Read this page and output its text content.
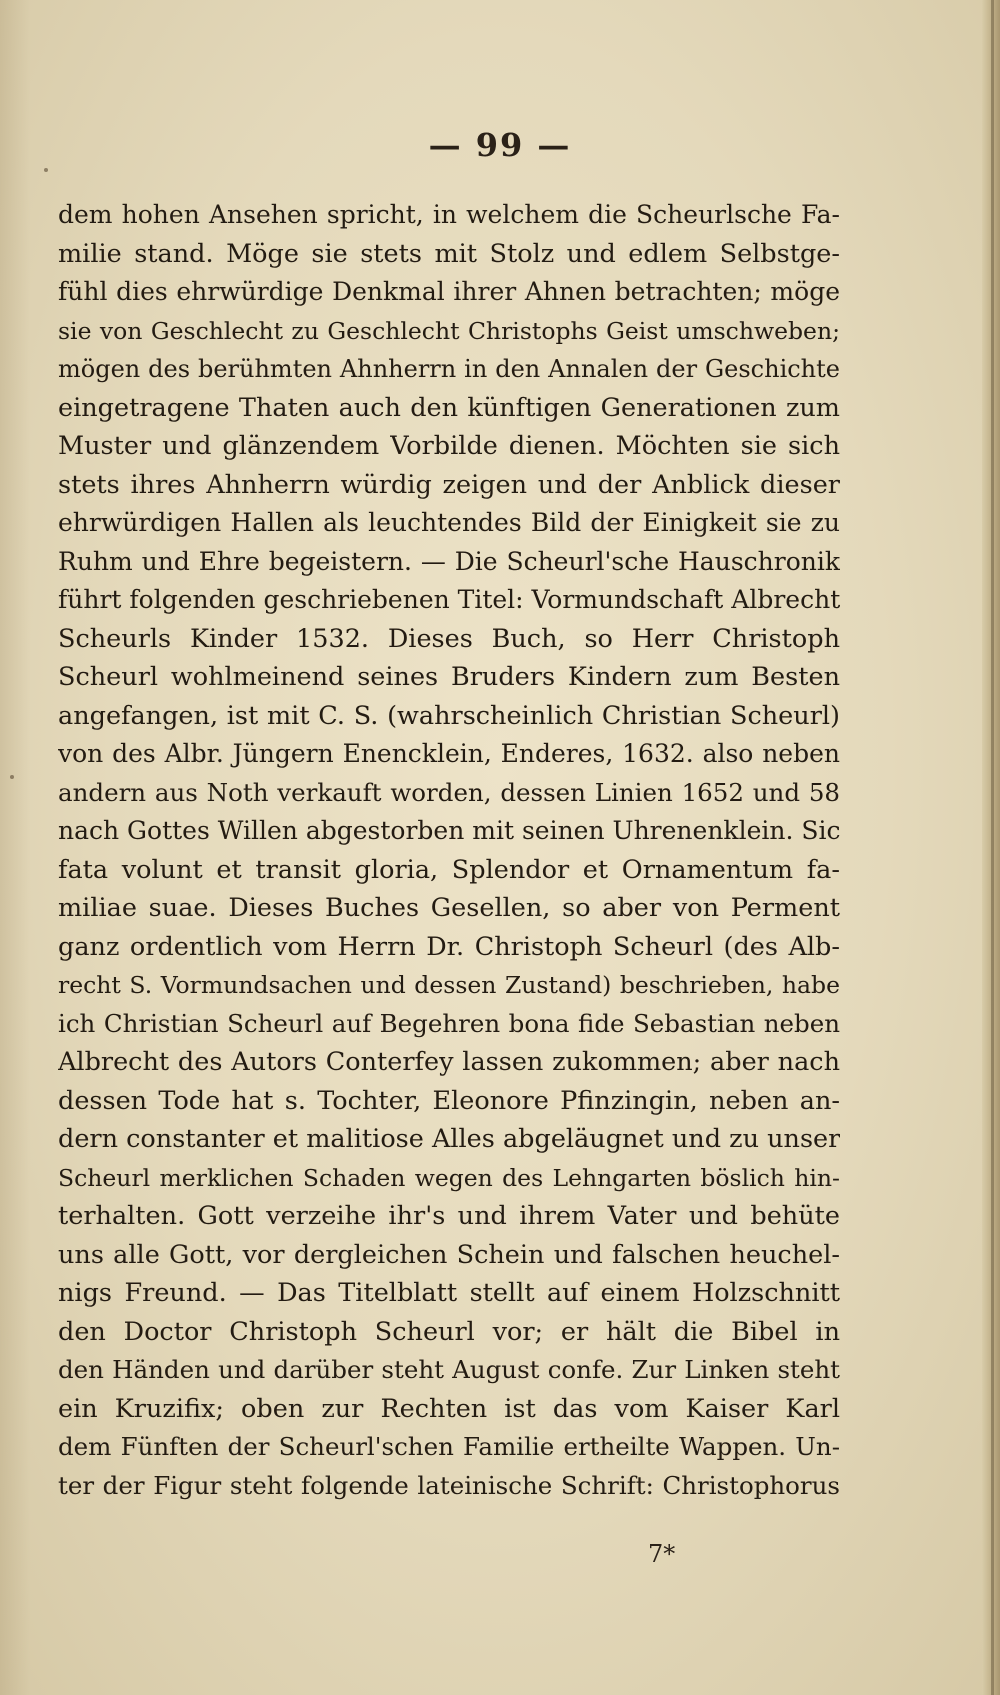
— 99 —
dem hohen Ansehen spricht, in welchem die Scheurlsche Fa-
milie stand. Möge sie stets mit Stolz und edlem Selbstge-
fühl dies ehrwürdige Denkmal ihrer Ahnen betrachten; möge
sie von Geschlecht zu Geschlecht Christophs Geist umschweben;
mögen des berühmten Ahnherrn in den Annalen der Geschichte
eingetragene Thaten auch den künftigen Generationen zum
Muster und glänzendem Vorbilde dienen. Möchten sie sich
stets ihres Ahnherrn würdig zeigen und der Anblick dieser
ehrwürdigen Hallen als leuchtendes Bild der Einigkeit sie zu
Ruhm und Ehre begeistern. — Die Scheurl'sche Hauschronik
führt folgenden geschriebenen Titel: Vormundschaft Albrecht
Scheurls Kinder 1532. Dieses Buch, so Herr Christoph
Scheurl wohlmeinend seines Bruders Kindern zum Besten
angefangen, ist mit C. S. (wahrscheinlich Christian Scheurl)
von des Albr. Jüngern Enencklein, Enderes, 1632. also neben
andern aus Noth verkauft worden, dessen Linien 1652 und 58
nach Gottes Willen abgestorben mit seinen Uhrenenklein. Sic
fata volunt et transit gloria, Splendor et Ornamentum fa-
miliae suae. Dieses Buches Gesellen, so aber von Perment
ganz ordentlich vom Herrn Dr. Christoph Scheurl (des Alb-
recht S. Vormundsachen und dessen Zustand) beschrieben, habe
ich Christian Scheurl auf Begehren bona fide Sebastian neben
Albrecht des Autors Conterfey lassen zukommen; aber nach
dessen Tode hat s. Tochter, Eleonore Pfinzingin, neben an-
dern constanter et malitiose Alles abgeläugnet und zu unser
Scheurl merklichen Schaden wegen des Lehngarten böslich hin-
terhalten. Gott verzeihe ihr's und ihrem Vater und behüte
uns alle Gott, vor dergleichen Schein und falschen heuchel-
nigs Freund. — Das Titelblatt stellt auf einem Holzschnitt
den Doctor Christoph Scheurl vor; er hält die Bibel in
den Händen und darüber steht August confe. Zur Linken steht
ein Kruzifix; oben zur Rechten ist das vom Kaiser Karl
dem Fünften der Scheurl'schen Familie ertheilte Wappen. Un-
ter der Figur steht folgende lateinische Schrift: Christophorus
7*
